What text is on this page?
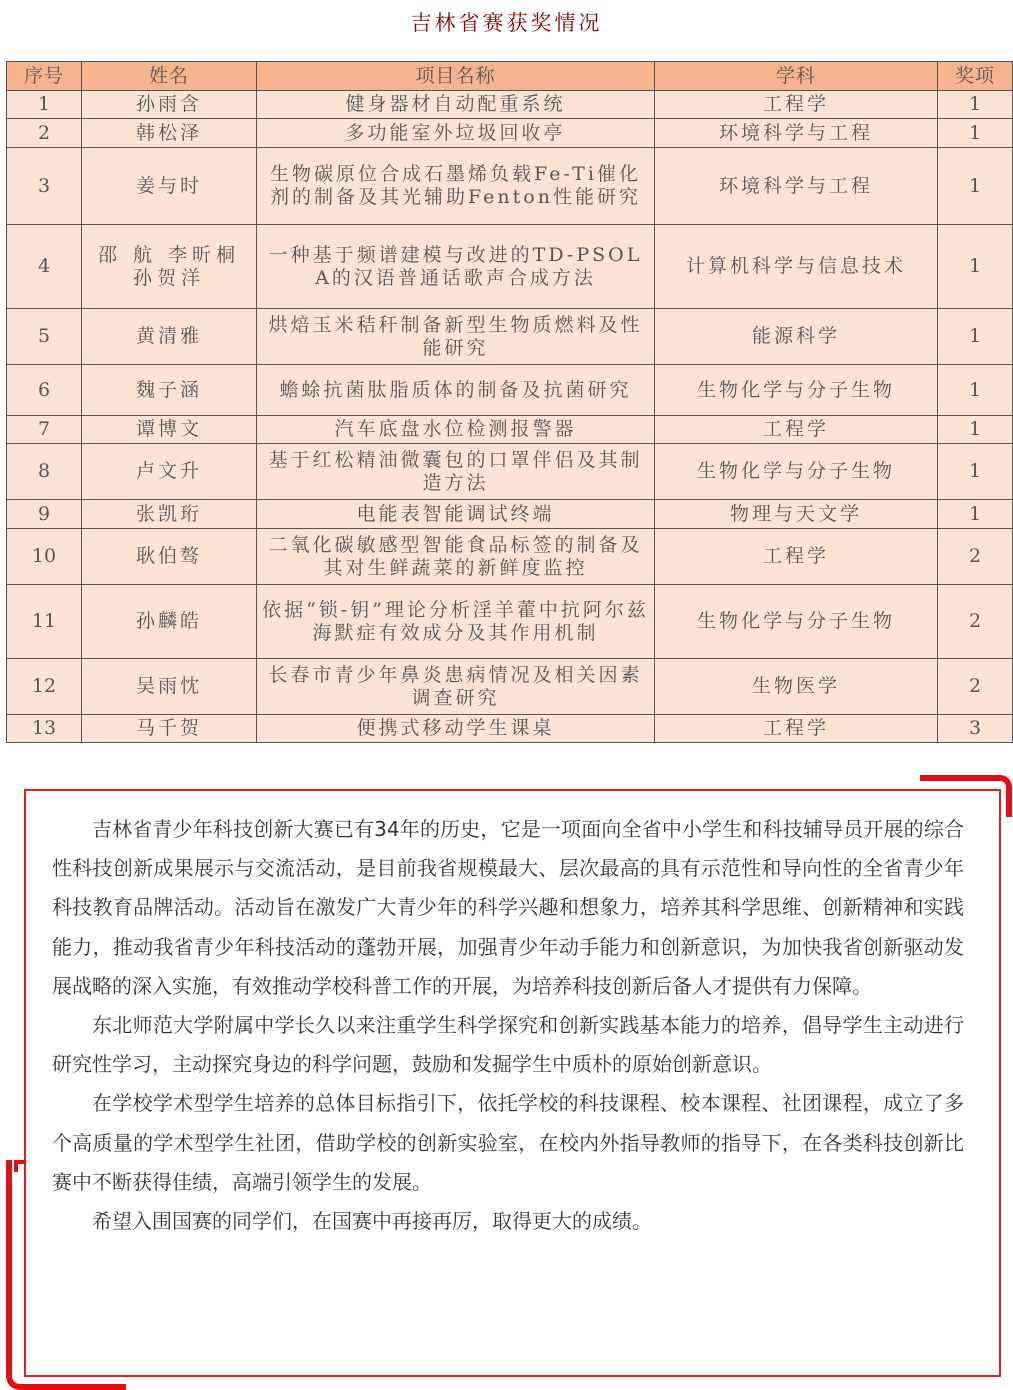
吉林省赛获奖情况
序号	姓名	项目名称	学科	奖项
1	孙雨含	健身器材自动配重系统	工程学	1
2	韩松泽	多功能室外垃圾回收亭	环境科学与工程	1
3	姜与时	生物碳原位合成石墨烯负载Fe-Ti催化剂的制备及其光辅助Fenton性能研究	环境科学与工程	1
4	邵 航 李昕桐 孙贺洋	一种基于频谱建模与改进的TD-PSOLA的汉语普通话歌声合成方法	计算机科学与信息技术	1
5	黄清雅	烘焙玉米秸秆制备新型生物质燃料及性能研究	能源科学	1
6	魏子涵	蟾蜍抗菌肽脂质体的制备及抗菌研究	生物化学与分子生物	1
7	谭博文	汽车底盘水位检测报警器	工程学	1
8	卢文升	基于红松精油微囊包的口罩伴侣及其制造方法	生物化学与分子生物	1
9	张凯珩	电能表智能调试终端	物理与天文学	1
10	耿伯骜	二氧化碳敏感型智能食品标签的制备及其对生鲜蔬菜的新鲜度监控	工程学	2
11	孙麟皓	依据“锁-钥”理论分析淫羊藿中抗阿尔兹海默症有效成分及其作用机制	生物化学与分子生物	2
12	吴雨忱	长春市青少年鼻炎患病情况及相关因素调查研究	生物医学	2
13	马千贺	便携式移动学生课桌	工程学	3

吉林省青少年科技创新大赛已有34年的历史，它是一项面向全省中小学生和科技辅导员开展的综合性科技创新成果展示与交流活动，是目前我省规模最大、层次最高的具有示范性和导向性的全省青少年科技教育品牌活动。活动旨在激发广大青少年的科学兴趣和想象力，培养其科学思维、创新精神和实践能力，推动我省青少年科技活动的蓬勃开展，加强青少年动手能力和创新意识，为加快我省创新驱动发展战略的深入实施，有效推动学校科普工作的开展，为培养科技创新后备人才提供有力保障。

东北师范大学附属中学长久以来注重学生科学探究和创新实践基本能力的培养，倡导学生主动进行研究性学习，主动探究身边的科学问题，鼓励和发掘学生中质朴的原始创新意识。

在学校学术型学生培养的总体目标指引下，依托学校的科技课程、校本课程、社团课程，成立了多个高质量的学术型学生社团，借助学校的创新实验室，在校内外指导教师的指导下，在各类科技创新比赛中不断获得佳绩，高端引领学生的发展。

希望入围国赛的同学们，在国赛中再接再厉，取得更大的成绩。
